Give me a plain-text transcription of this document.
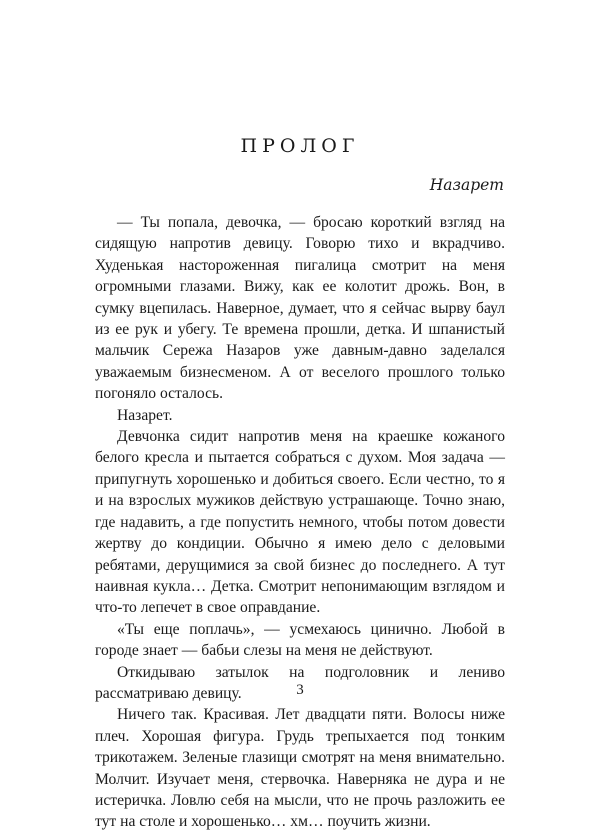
ПРОЛОГ
Назарет

— Ты попала, девочка, — бросаю короткий взгляд на сидящую напротив девицу. Говорю тихо и вкрадчиво. Худенькая настороженная пигалица смотрит на меня огромными глазами. Вижу, как ее колотит дрожь. Вон, в сумку вцепилась. Наверное, думает, что я сейчас вырву баул из ее рук и убегу. Те времена прошли, детка. И шпанистый мальчик Сережа Назаров уже давным-давно заделался уважаемым бизнесменом. А от веселого прошлого только погоняло осталось.

Назарет.

Девчонка сидит напротив меня на краешке кожаного белого кресла и пытается собраться с духом. Моя задача — припугнуть хорошенько и добиться своего. Если честно, то я и на взрослых мужиков действую устрашающе. Точно знаю, где надавить, а где попустить немного, чтобы потом довести жертву до кондиции. Обычно я имею дело с деловыми ребятами, дерущимися за свой бизнес до последнего. А тут наивная кукла… Детка. Смотрит непонимающим взглядом и что-то лепечет в свое оправдание.

«Ты еще поплачь», — усмехаюсь цинично. Любой в городе знает — бабьи слезы на меня не действуют.

Откидываю затылок на подголовник и лениво рассматриваю девицу.

Ничего так. Красивая. Лет двадцати пяти. Волосы ниже плеч. Хорошая фигура. Грудь трепыхается под тонким трикотажем. Зеленые глазищи смотрят на меня внимательно. Молчит. Изучает меня, стервочка. Наверняка не дура и не истеричка. Ловлю себя на мысли, что не прочь разложить ее тут на столе и хорошенько… хм… поучить жизни.

3
